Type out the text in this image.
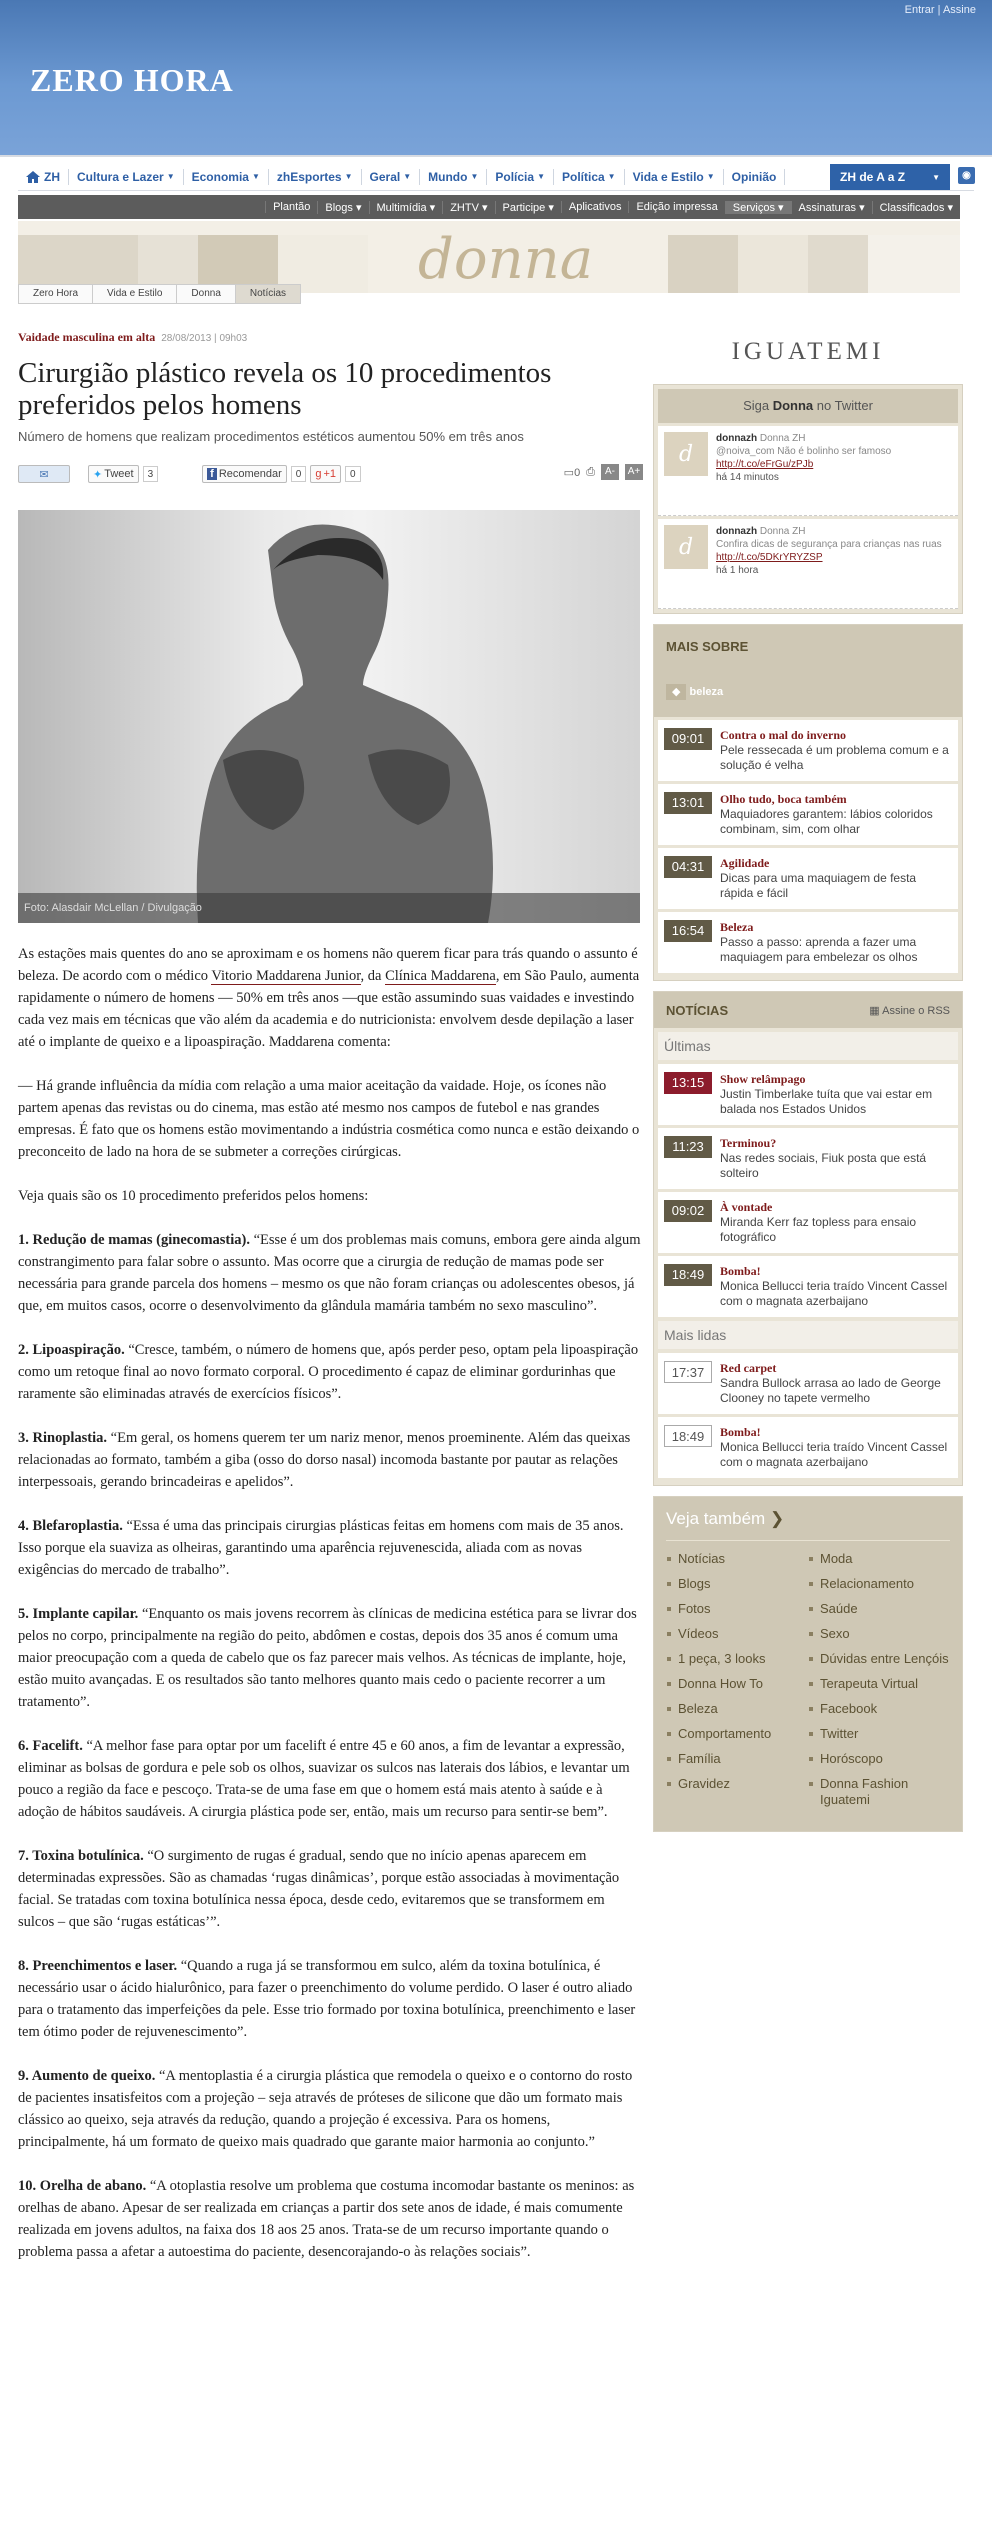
Entrar | Assine
ZERO HORA
ZH Cultura e Lazer ▼ Economia ▼ zhEsportes ▼ Geral ▼ Mundo ▼ Polícia ▼ Política ▼ Vida e Estilo ▼ Opinião	ZH de A a Z	▼	◉
Plantão	Blogs ▾	Multimídia ▾	ZHTV ▾	Participe ▾	Aplicativos	Edição impressa	Serviços ▾	Assinaturas ▾	Classificados ▾
donna
Zero Hora	Vida e Estilo	Donna	Notícias
Vaidade masculina em alta 28/08/2013 | 09h03
Cirurgião plástico revela os 10 procedimentos preferidos pelos homens
Número de homens que realizam procedimentos estéticos aumentou 50% em três anos
✉	✦ Tweet	3	f Recomendar	0	g +1	0	▭0 ⎙	A-	A+
Foto: Alasdair McLellan / Divulgação

As estações mais quentes do ano se aproximam e os homens não querem ficar para trás quando o assunto é beleza. De acordo com o médico Vitorio Maddarena Junior, da Clínica Maddarena, em São Paulo, aumenta rapidamente o número de homens — 50% em três anos —que estão assumindo suas vaidades e investindo cada vez mais em técnicas que vão além da academia e do nutricionista: envolvem desde depilação a laser até o implante de queixo e a lipoaspiração. Maddarena comenta:

— Há grande influência da mídia com relação a uma maior aceitação da vaidade. Hoje, os ícones não partem apenas das revistas ou do cinema, mas estão até mesmo nos campos de futebol e nas grandes empresas. É fato que os homens estão movimentando a indústria cosmética como nunca e estão deixando o preconceito de lado na hora de se submeter a correções cirúrgicas.

Veja quais são os 10 procedimento preferidos pelos homens:

1. Redução de mamas (ginecomastia). “Esse é um dos problemas mais comuns, embora gere ainda algum constrangimento para falar sobre o assunto. Mas ocorre que a cirurgia de redução de mamas pode ser necessária para grande parcela dos homens – mesmo os que não foram crianças ou adolescentes obesos, já que, em muitos casos, ocorre o desenvolvimento da glândula mamária também no sexo masculino”.

2. Lipoaspiração. “Cresce, também, o número de homens que, após perder peso, optam pela lipoaspiração como um retoque final ao novo formato corporal. O procedimento é capaz de eliminar gordurinhas que raramente são eliminadas através de exercícios físicos”.

3. Rinoplastia. “Em geral, os homens querem ter um nariz menor, menos proeminente. Além das queixas relacionadas ao formato, também a giba (osso do dorso nasal) incomoda bastante por pautar as relações interpessoais, gerando brincadeiras e apelidos”.

4. Blefaroplastia. “Essa é uma das principais cirurgias plásticas feitas em homens com mais de 35 anos. Isso porque ela suaviza as olheiras, garantindo uma aparência rejuvenescida, aliada com as novas exigências do mercado de trabalho”.

5. Implante capilar. “Enquanto os mais jovens recorrem às clínicas de medicina estética para se livrar dos pelos no corpo, principalmente na região do peito, abdômen e costas, depois dos 35 anos é comum uma maior preocupação com a queda de cabelo que os faz parecer mais velhos. As técnicas de implante, hoje, estão muito avançadas. E os resultados são tanto melhores quanto mais cedo o paciente recorrer a um tratamento”.

6. Facelift. “A melhor fase para optar por um facelift é entre 45 e 60 anos, a fim de levantar a expressão, eliminar as bolsas de gordura e pele sob os olhos, suavizar os sulcos nas laterais dos lábios, e levantar um pouco a região da face e pescoço. Trata-se de uma fase em que o homem está mais atento à saúde e à adoção de hábitos saudáveis. A cirurgia plástica pode ser, então, mais um recurso para sentir-se bem”.

7. Toxina botulínica. “O surgimento de rugas é gradual, sendo que no início apenas aparecem em determinadas expressões. São as chamadas ‘rugas dinâmicas’, porque estão associadas à movimentação facial. Se tratadas com toxina botulínica nessa época, desde cedo, evitaremos que se transformem em sulcos – que são ‘rugas estáticas’”.

8. Preenchimentos e laser. “Quando a ruga já se transformou em sulco, além da toxina botulínica, é necessário usar o ácido hialurônico, para fazer o preenchimento do volume perdido. O laser é outro aliado para o tratamento das imperfeições da pele. Esse trio formado por toxina botulínica, preenchimento e laser tem ótimo poder de rejuvenescimento”.

9. Aumento de queixo. “A mentoplastia é a cirurgia plástica que remodela o queixo e o contorno do rosto de pacientes insatisfeitos com a projeção – seja através de próteses de silicone que dão um formato mais clássico ao queixo, seja através da redução, quando a projeção é excessiva. Para os homens, principalmente, há um formato de queixo mais quadrado que garante maior harmonia ao conjunto.”

10. Orelha de abano. “A otoplastia resolve um problema que costuma incomodar bastante os meninos: as orelhas de abano. Apesar de ser realizada em crianças a partir dos sete anos de idade, é mais comumente realizada em jovens adultos, na faixa dos 18 aos 25 anos. Trata-se de um recurso importante quando o problema passa a afetar a autoestima do paciente, desencorajando-o às relações sociais”.

IGUATEMI
Siga Donna no Twitter
d
donnazh Donna ZH
@noiva_com Não é bolinho ser famoso http://t.co/eFrGu/zPJb
há 14 minutos
d
donnazh Donna ZH
Confira dicas de segurança para crianças nas ruas http://t.co/5DKrYRYZSP
há 1 hora
MAIS SOBRE
◆ beleza
09:01	Contra o mal do inverno
Pele ressecada é um problema comum e a solução é velha
13:01	Olho tudo, boca também
Maquiadores garantem: lábios coloridos combinam, sim, com olhar
04:31	Agilidade
Dicas para uma maquiagem de festa rápida e fácil
16:54	Beleza
Passo a passo: aprenda a fazer uma maquiagem para embelezar os olhos
NOTÍCIAS	▦ Assine o RSS
Últimas
13:15	Show relâmpago
Justin Timberlake tuíta que vai estar em balada nos Estados Unidos
11:23	Terminou?
Nas redes sociais, Fiuk posta que está solteiro
09:02	À vontade
Miranda Kerr faz topless para ensaio fotográfico
18:49	Bomba!
Monica Bellucci teria traído Vincent Cassel com o magnata azerbaijano
Mais lidas
17:37	Red carpet
Sandra Bullock arrasa ao lado de George Clooney no tapete vermelho
18:49	Bomba!
Monica Bellucci teria traído Vincent Cassel com o magnata azerbaijano
Veja também ❯
Notícias
Blogs
Fotos
Vídeos
1 peça, 3 looks
Donna How To
Beleza
Comportamento
Família
Gravidez
Moda
Relacionamento
Saúde
Sexo
Dúvidas entre Lençóis
Terapeuta Virtual
Facebook
Twitter
Horóscopo
Donna Fashion Iguatemi
